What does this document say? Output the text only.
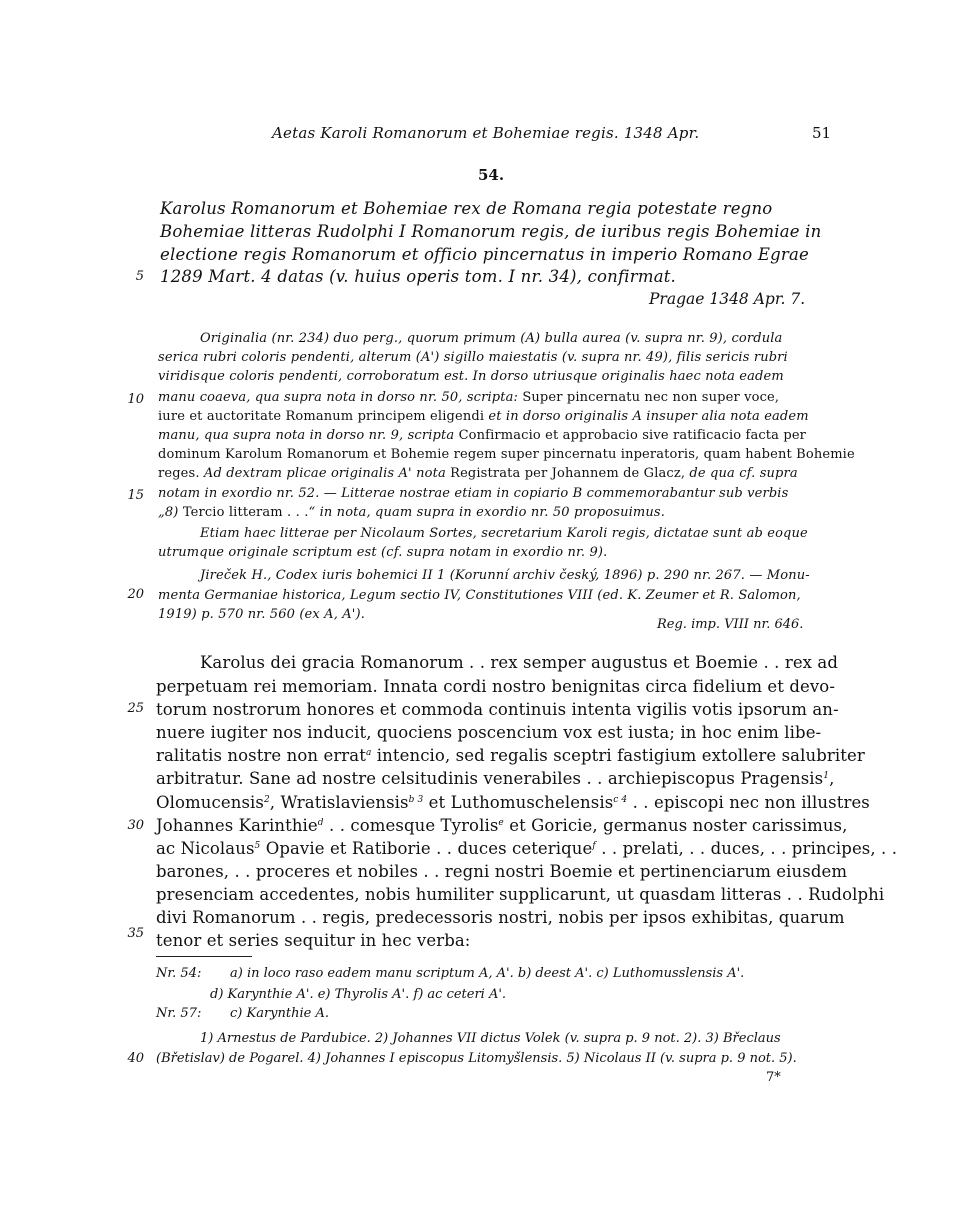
Aetas Karoli Romanorum et Bohemiae regis. 1348 Apr.	51
54.
Karolus Romanorum et Bohemiae rex de Romana regia potestate regno
Bohemiae litteras Rudolphi I Romanorum regis, de iuribus regis Bohemiae in
electione regis Romanorum et officio pincernatus in imperio Romano Egrae
1289 Mart. 4 datas (v. huius operis tom. I nr. 34), confirmat.
Pragae 1348 Apr. 7.
5
10
15
20
25
30
35
40
Originalia (nr. 234) duo perg., quorum primum (A) bulla aurea (v. supra nr. 9), cordula
serica rubri coloris pendenti, alterum (A') sigillo maiestatis (v. supra nr. 49), filis sericis rubri
viridisque coloris pendenti, corroboratum est. In dorso utriusque originalis haec nota eadem
manu coaeva, qua supra nota in dorso nr. 50, scripta: Super pincernatu nec non super voce,
iure et auctoritate Romanum principem eligendi et in dorso originalis A insuper alia nota eadem
manu, qua supra nota in dorso nr. 9, scripta Confirmacio et approbacio sive ratificacio facta per
dominum Karolum Romanorum et Bohemie regem super pincernatu inperatoris, quam habent Bohemie
reges. Ad dextram plicae originalis A' nota Registrata per Johannem de Glacz, de qua cf. supra
notam in exordio nr. 52. — Litterae nostrae etiam in copiario B commemorabantur sub verbis
„8) Tercio litteram . . .“ in nota, quam supra in exordio nr. 50 proposuimus.
Etiam haec litterae per Nicolaum Sortes, secretarium Karoli regis, dictatae sunt ab eoque
utrumque originale scriptum est (cf. supra notam in exordio nr. 9).
Jireček H., Codex iuris bohemici II 1 (Korunní archiv český, 1896) p. 290 nr. 267. — Monu-
menta Germaniae historica, Legum sectio IV, Constitutiones VIII (ed. K. Zeumer et R. Salomon,
1919) p. 570 nr. 560 (ex A, A').
Reg. imp. VIII nr. 646.
Karolus dei gracia Romanorum . . rex semper augustus et Boemie . . rex ad
perpetuam rei memoriam. Innata cordi nostro benignitas circa fidelium et devo-
torum nostrorum honores et commoda continuis intenta vigilis votis ipsorum an-
nuere iugiter nos inducit, quociens poscencium vox est iusta; in hoc enim libe-
ralitatis nostre non errat$^a$ intencio, sed regalis sceptri fastigium extollere salubriter
arbitratur. Sane ad nostre celsitudinis venerabiles . . archiepiscopus Pragensis$^1$,
Olomucensis$^2$, Wratislaviensis$^{b 3}$ et Luthomuschelensis$^{c 4}$ . . episcopi nec non illustres
Johannes Karinthie$^d$ . . comesque Tyrolis$^e$ et Goricie, germanus noster carissimus,
ac Nicolaus$^5$ Opavie et Ratiborie . . duces ceterique$^f$ . . prelati, . . duces, . . principes, . .
barones, . . proceres et nobiles . . regni nostri Boemie et pertinenciarum eiusdem
presenciam accedentes, nobis humiliter supplicarunt, ut quasdam litteras . . Rudolphi
divi Romanorum . . regis, predecessoris nostri, nobis per ipsos exhibitas, quarum
tenor et series sequitur in hec verba:
Nr. 54: a) in loco raso eadem manu scriptum A, A'. b) deest A'. c) Luthomusslensis A'.
d) Karynthie A'. e) Thyrolis A'. f) ac ceteri A'.
Nr. 57: c) Karynthie A.
1) Arnestus de Pardubice. 2) Johannes VII dictus Volek (v. supra p. 9 not. 2). 3) Břeclaus
(Břetislav) de Pogarel. 4) Johannes I episcopus Litomyšlensis. 5) Nicolaus II (v. supra p. 9 not. 5).
7*
